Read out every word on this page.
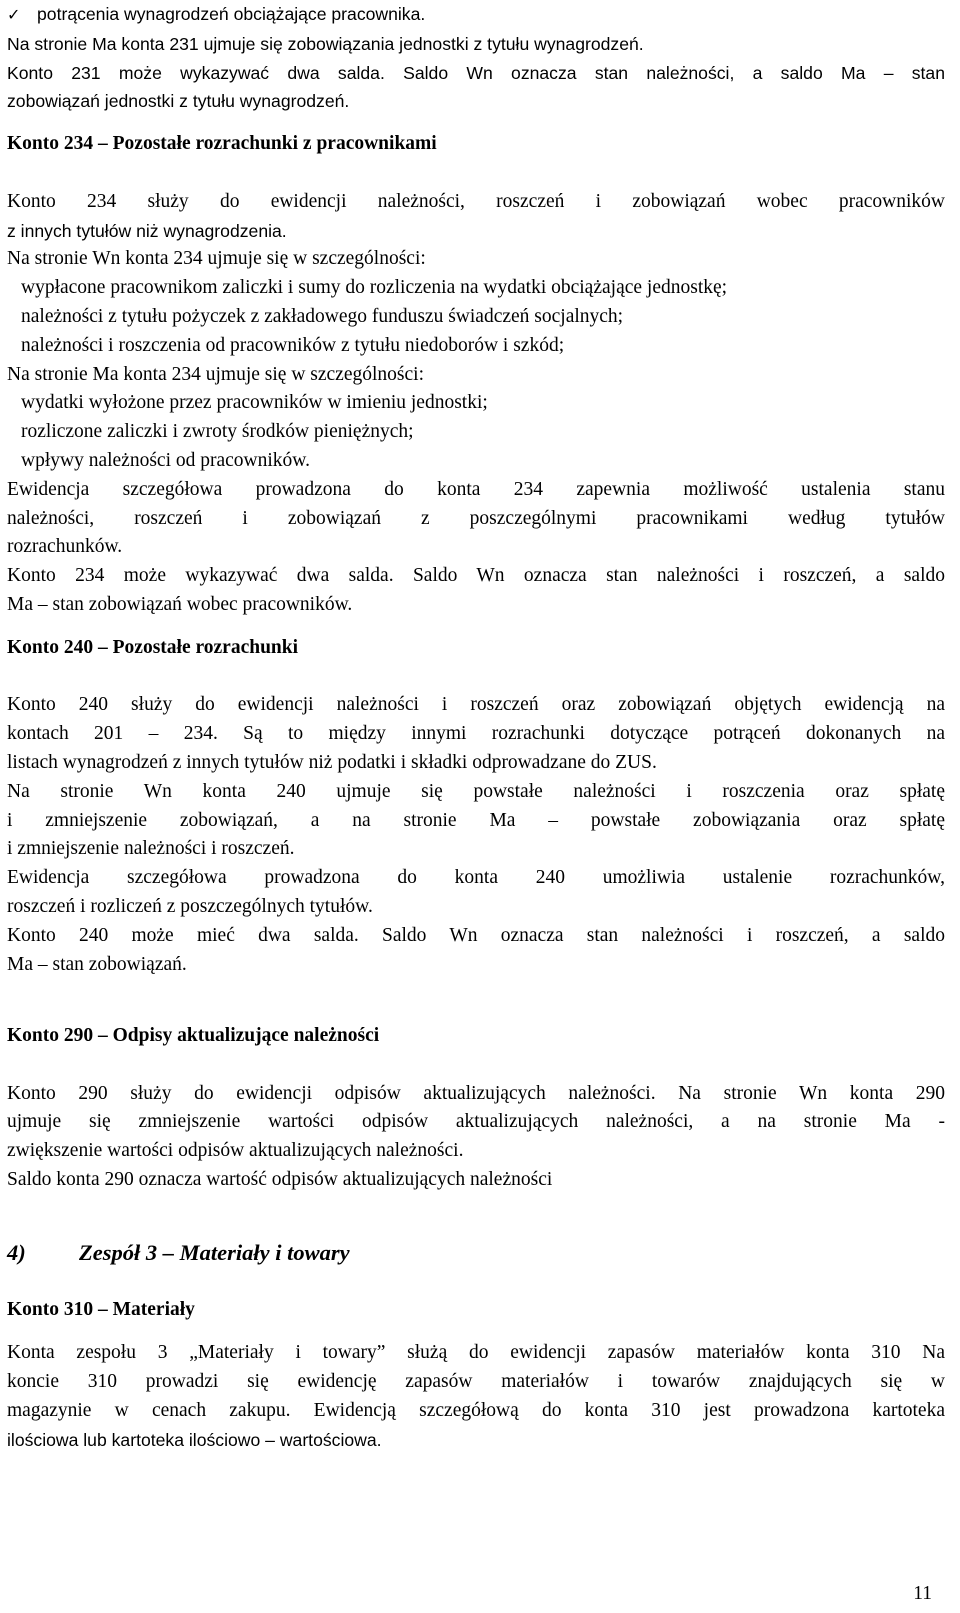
✓ potrącenia wynagrodzeń obciążające pracownika.
Na stronie Ma konta 231 ujmuje się zobowiązania jednostki z tytułu wynagrodzeń.
Konto 231 może wykazywać dwa salda. Saldo Wn oznacza stan należności, a saldo Ma – stan
zobowiązań jednostki z tytułu wynagrodzeń.
Konto 234 – Pozostałe rozrachunki z pracownikami
Konto 234 służy do ewidencji należności, roszczeń i zobowiązań wobec pracowników
z innych tytułów niż wynagrodzenia.
Na stronie Wn konta 234 ujmuje się w szczególności:
wypłacone pracownikom zaliczki i sumy do rozliczenia na wydatki obciążające jednostkę;
należności z tytułu pożyczek z zakładowego funduszu świadczeń socjalnych;
należności i roszczenia od pracowników z tytułu niedoborów i szkód;
Na stronie Ma konta 234 ujmuje się w szczególności:
wydatki wyłożone przez pracowników w imieniu jednostki;
rozliczone zaliczki i zwroty środków pieniężnych;
wpływy należności od pracowników.
Ewidencja szczegółowa prowadzona do konta 234 zapewnia możliwość ustalenia stanu
należności, roszczeń i zobowiązań z poszczególnymi pracownikami według tytułów
rozrachunków.
Konto 234 może wykazywać dwa salda. Saldo Wn oznacza stan należności i roszczeń, a saldo
Ma – stan zobowiązań wobec pracowników.
Konto 240 – Pozostałe rozrachunki
Konto 240 służy do ewidencji należności i roszczeń oraz zobowiązań objętych ewidencją na
kontach 201 – 234. Są to między innymi rozrachunki dotyczące potrąceń dokonanych na
listach wynagrodzeń z innych tytułów niż podatki i składki odprowadzane do ZUS.
Na stronie Wn konta 240 ujmuje się powstałe należności i roszczenia oraz spłatę
i zmniejszenie zobowiązań, a na stronie Ma – powstałe zobowiązania oraz spłatę
i zmniejszenie należności i roszczeń.
Ewidencja szczegółowa prowadzona do konta 240 umożliwia ustalenie rozrachunków,
roszczeń i rozliczeń z poszczególnych tytułów.
Konto 240 może mieć dwa salda. Saldo Wn oznacza stan należności i roszczeń, a saldo
Ma – stan zobowiązań.
Konto 290 – Odpisy aktualizujące należności
Konto 290 służy do ewidencji odpisów aktualizujących należności. Na stronie Wn konta 290
ujmuje się zmniejszenie wartości odpisów aktualizujących należności, a na stronie Ma -
zwiększenie wartości odpisów aktualizujących należności.
Saldo konta 290 oznacza wartość odpisów aktualizujących należności
4) Zespół 3 – Materiały i towary
Konto 310 – Materiały
Konta zespołu 3 „Materiały i towary” służą do ewidencji zapasów materiałów konta 310 Na
koncie 310 prowadzi się ewidencję zapasów materiałów i towarów znajdujących się w
magazynie w cenach zakupu. Ewidencją szczegółową do konta 310 jest prowadzona kartoteka
ilościowa lub kartoteka ilościowo – wartościowa.
11
